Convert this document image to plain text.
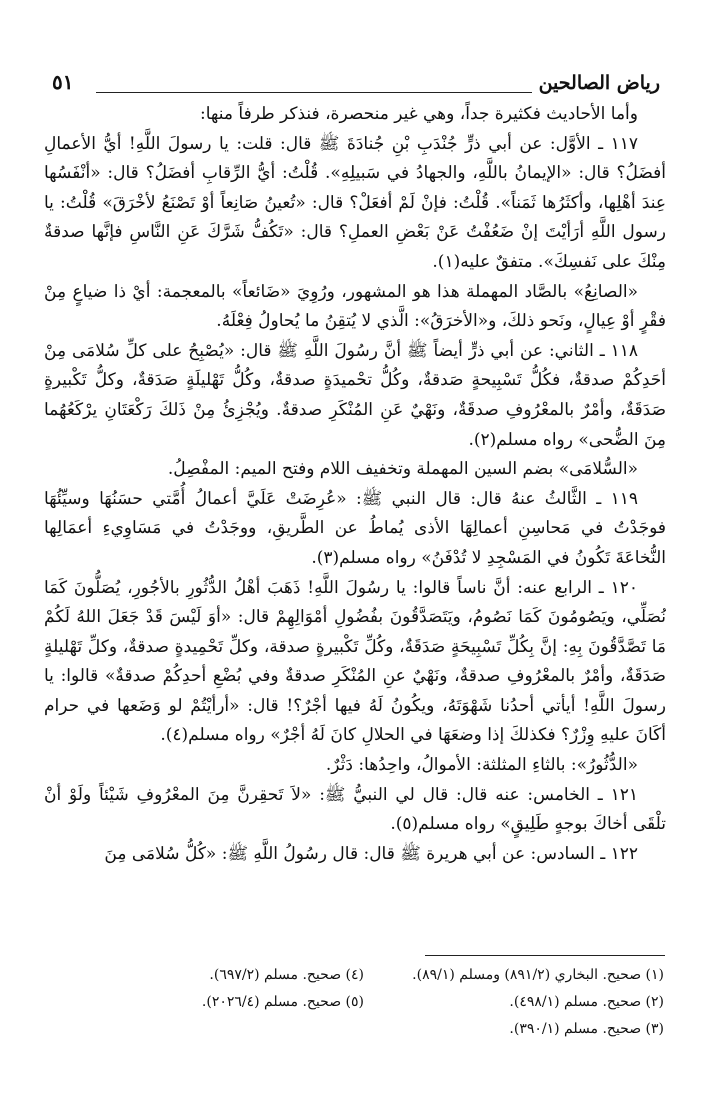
رياض الصالحين
٥١

وأما الأحاديث فكثيرة جداً، وهي غير منحصرة، فنذكر طرفاً منها:

١١٧ ـ الأوَّل: عن أبي ذرٍّ جُنْدَبِ بْنِ جُنادَةَ ﷺ قال: قلت: يا رسولَ اللَّهِ! أيُّ الأعمالِ أفضَلُ؟ قال: «الإيمانُ باللَّهِ، والجهادُ في سَبيلِهِ». قُلْتُ: أيُّ الرِّقابِ أفضَلُ؟ قال: «أنْفَسُها عِندَ أهْلِها، وأكثَرُها ثَمَناً». قُلْتُ: فإنْ لَمْ أفعَلْ؟ قال: «تُعينُ صَانِعاً أوْ تَصْنَعُ لأخْرَقَ» قُلْتُ: يا رسول اللَّهِ أرَأيْتَ إنْ ضَعُفْتُ عَنْ بَعْضِ العملِ؟ قال: «تَكُفُّ شَرَّكَ عَنِ النَّاسِ فإنَّها صدقةٌ مِنْكَ على نَفسِكَ». متفقٌ عليه(١).

«الصانِعُ» بالصَّاد المهملة هذا هو المشهور، ورُوِيَ «ضَائعاً» بالمعجمة: أيْ ذا ضياعٍ مِنْ فقْرٍ أوْ عِيالٍ، ونَحو ذلكَ، و«الأخرَقُ»: الَّذي لا يُتقِنُ ما يُحاولُ فِعْلَهُ.

١١٨ ـ الثاني: عن أبي ذرٍّ أيضاً ﷺ أنَّ رسُولَ اللَّهِ ﷺ قال: «يُصْبِحُ على كلِّ سُلامَى مِنْ أحَدِكُمْ صدقةٌ، فكُلُّ تَسْبِيحةٍ صَدقةٌ، وكُلُّ تحْميدَةٍ صدقةٌ، وكُلُّ تَهْليلَةٍ صَدَقةٌ، وكلُّ تَكْبيرةٍ صَدَقَةٌ، وأمْرٌ بالمعْرُوفِ صدقَةٌ، ونَهْيٌ عَنِ المُنْكَرِ صدقةٌ. ويُجْزِئُ مِنْ ذَلكَ رَكْعَتَانِ يرْكَعُهُما مِنَ الضُّحى» رواه مسلم(٢).

«السُّلامَى» بضم السين المهملة وتخفيف اللام وفتح الميم: المفْصِلُ.

١١٩ ـ الثَّالثُ عنهُ قال: قال النبي ﷺ: «عُرِضَتْ عَلَيَّ أعمالُ أُمَّتي حسَنُهَا وسيِّئُهَا فوجَدْتُ في مَحاسِنِ أعمالِهَا الأذى يُماطُ عن الطَّريقِ، ووجَدْتُ في مَسَاوِيءِ أعمَالِها النُّخاعَةَ تَكُونُ في المَسْجِدِ لا تُدْفَنُ» رواه مسلم(٣).

١٢٠ ـ الرابع عنه: أنَّ ناساً قالوا: يا رسُولَ اللَّهِ! ذَهَبَ أهْلُ الدُّثُورِ بالأجُورِ، يُصَلُّونَ كَمَا نُصَلِّي، ويَصُومُونَ كَمَا نَصُومُ، ويَتَصَدَّقُونَ بفُضُولِ أمْوَالِهِمْ قال: «أوَ لَيْسَ قَدْ جَعَلَ اللهُ لَكُمْ مَا تَصَّدَّقُونَ بِهِ: إنَّ بِكُلِّ تَسْبِيحَةٍ صَدَقَةٌ، وكُلِّ تَكْبيرةٍ صدقة، وكلِّ تَحْمِيدةٍ صدقةٌ، وكلِّ تَهْليلةٍ صَدَقَةٌ، وأمْرٌ بالمعْرُوفِ صدقةٌ، ونَهْيٌ عنِ المُنْكَرِ صدقةٌ وفي بُضْعِ أحدِكُمْ صدقةٌ» قالوا: يا رسولَ اللَّهِ! أيأتي أحدُنا شَهْوَتَهُ، ويكُونُ لَهُ فيها أجْرٌ؟! قال: «أرأيْتُمْ لو وَضَعها في حرام أكَانَ عليهِ وِزْرٌ؟ فكذلكَ إذا وضعَهَا في الحلالِ كانَ لَهُ أجْرٌ» رواه مسلم(٤).

«الدُّثُورُ»: بالثاءِ المثلثة: الأموالُ، واحِدُها: دَثْرٌ.

١٢١ ـ الخامس: عنه قال: قال لي النبيُّ ﷺ: «لاَ تَحقِرنَّ مِنَ المعْرُوفِ شَيْئاً ولَوْ أنْ تلْقَى أخاكَ بوجهٍ طَلِيقٍ» رواه مسلم(٥).

١٢٢ ـ السادس: عن أبي هريرة ﷺ قال: قال رسُولُ اللَّهِ ﷺ: «كُلُّ سُلامَى مِنَ

(١) صحيح. البخاري (٨٩١/٢) ومسلم (٨٩/١).
(٤) صحيح. مسلم (٦٩٧/٢).
(٢) صحيح. مسلم (٤٩٨/١).
(٥) صحيح. مسلم (٢٠٢٦/٤).
(٣) صحيح. مسلم (٣٩٠/١).
